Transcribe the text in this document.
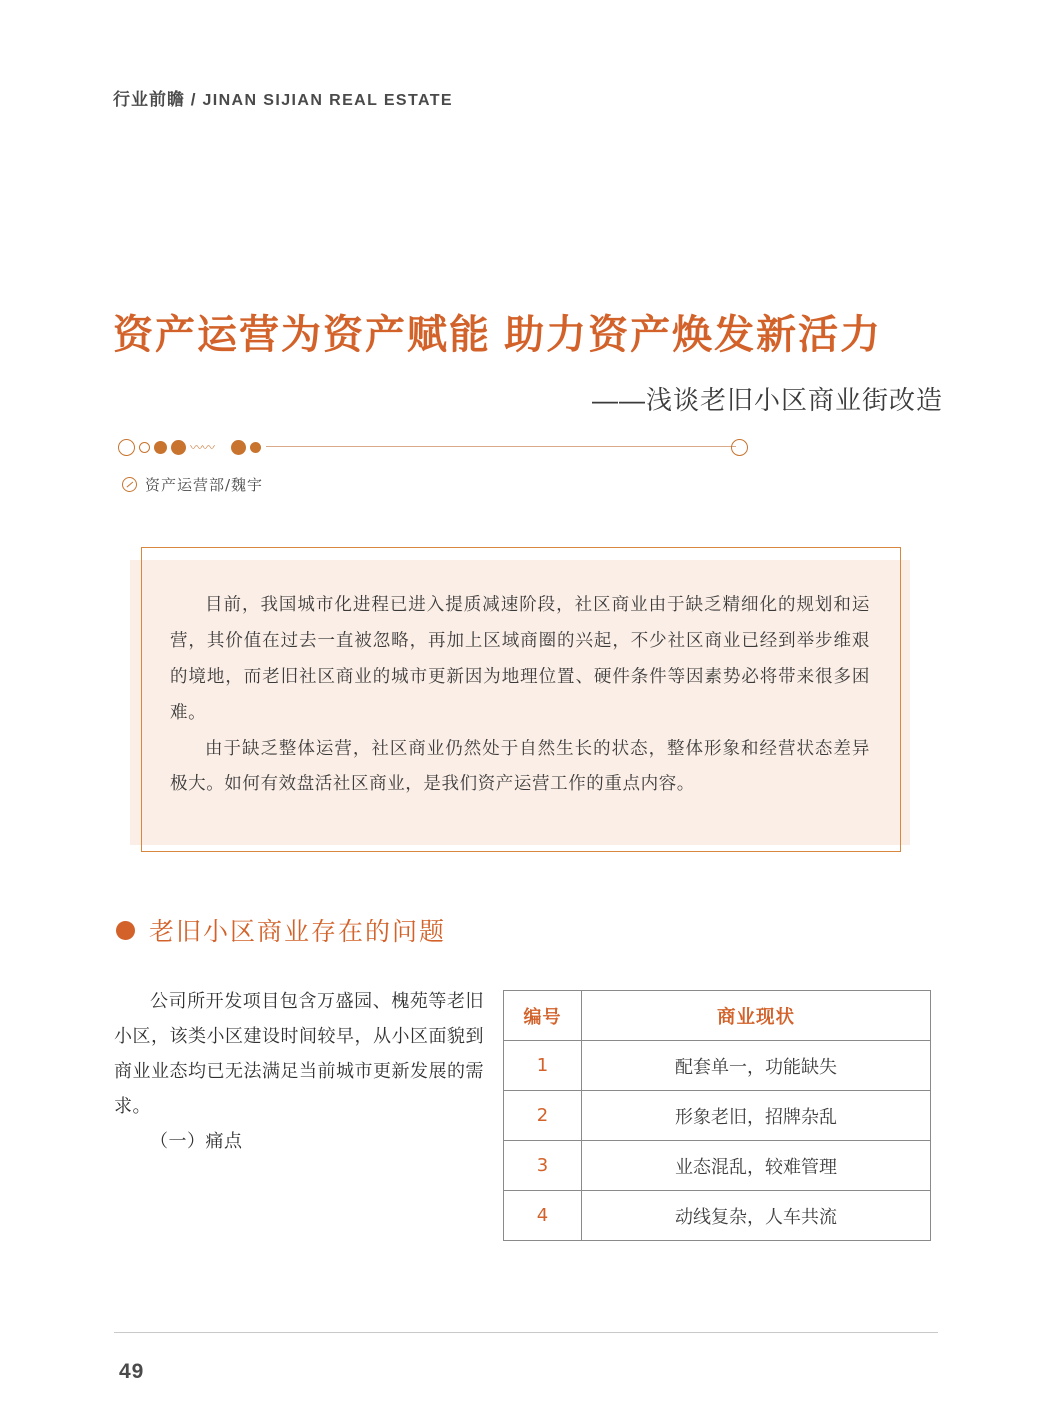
行业前瞻 / JINAN SIJIAN REAL ESTATE
资产运营为资产赋能 助力资产焕发新活力
——浅谈老旧小区商业街改造
〰〰
资产运营部/魏宇

目前，我国城市化进程已进入提质减速阶段，社区商业由于缺乏精细化的规划和运营，其价值在过去一直被忽略，再加上区域商圈的兴起，不少社区商业已经到举步维艰的境地，而老旧社区商业的城市更新因为地理位置、硬件条件等因素势必将带来很多困难。

由于缺乏整体运营，社区商业仍然处于自然生长的状态，整体形象和经营状态差异极大。如何有效盘活社区商业，是我们资产运营工作的重点内容。

老旧小区商业存在的问题

公司所开发项目包含万盛园、槐苑等老旧小区，该类小区建设时间较早，从小区面貌到商业业态均已无法满足当前城市更新发展的需求。

（一）痛点

编号	商业现状
1	配套单一，功能缺失
2	形象老旧，招牌杂乱
3	业态混乱，较难管理
4	动线复杂，人车共流
49
